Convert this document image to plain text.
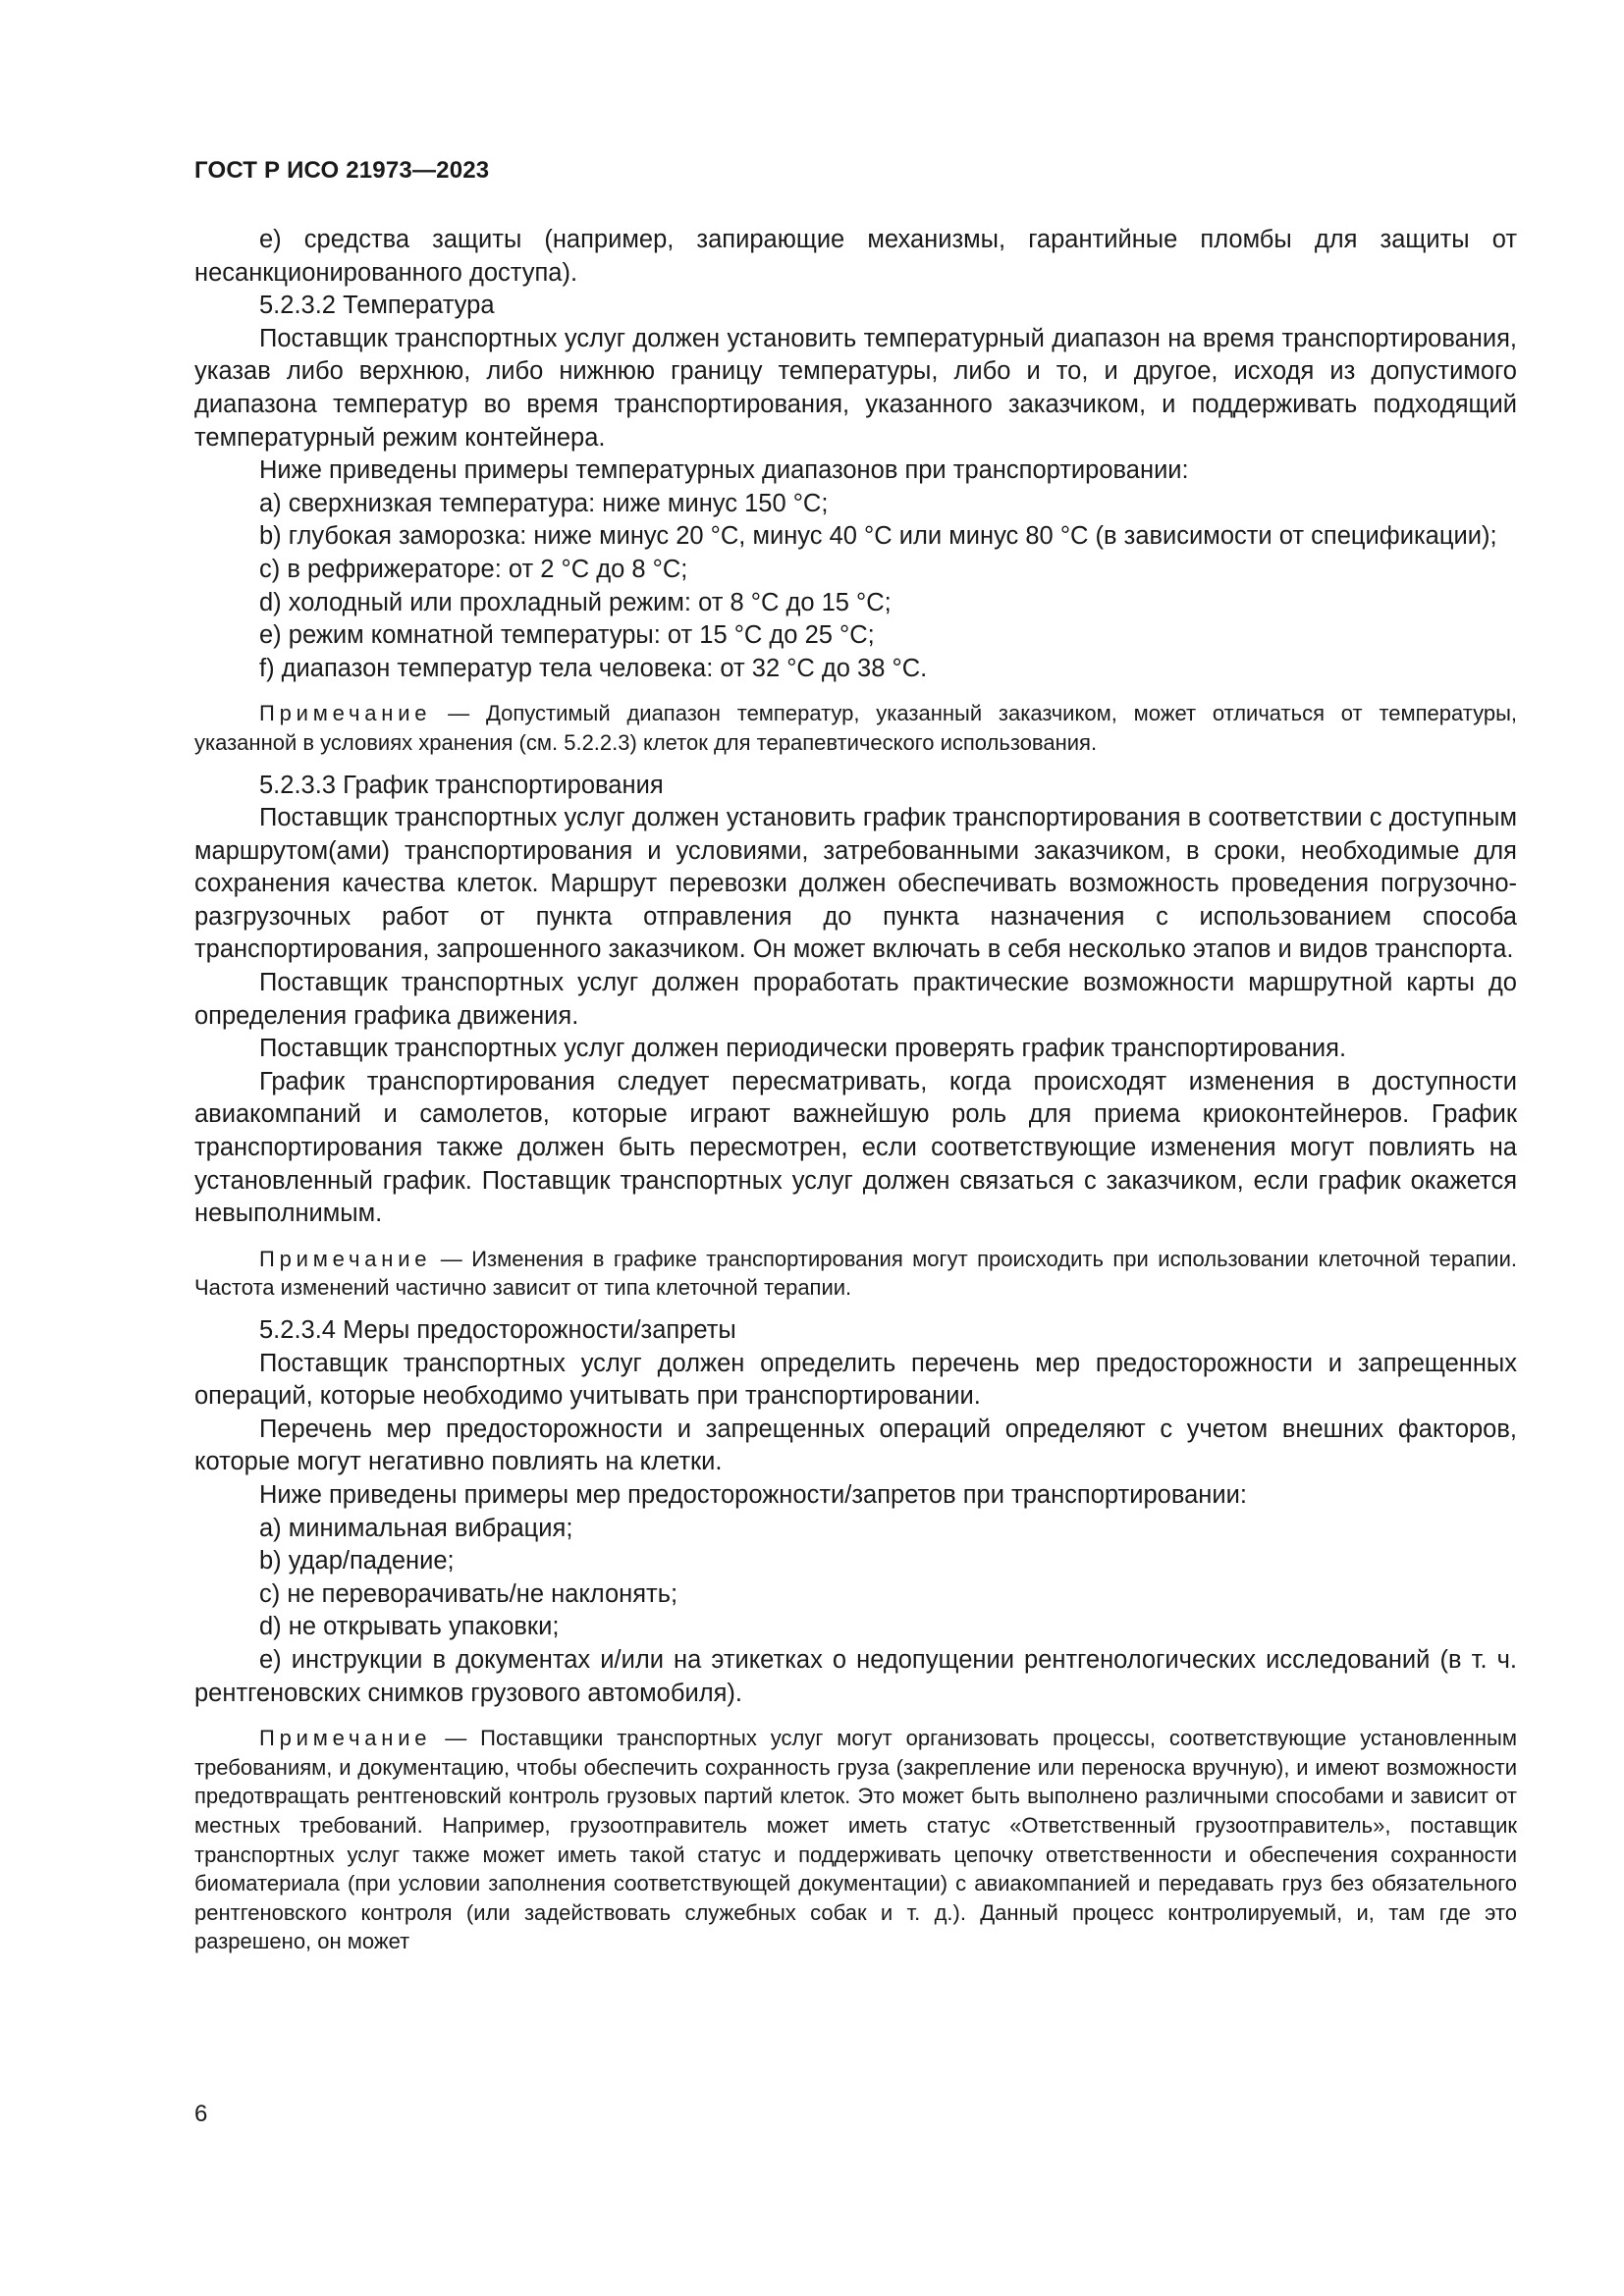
ГОСТ Р ИСО 21973—2023

е) средства защиты (например, запирающие механизмы, гарантийные пломбы для защиты от несанкционированного доступа).

5.2.3.2 Температура

Поставщик транспортных услуг должен установить температурный диапазон на время транспортирования, указав либо верхнюю, либо нижнюю границу температуры, либо и то, и другое, исходя из допустимого диапазона температур во время транспортирования, указанного заказчиком, и поддерживать подходящий температурный режим контейнера.

Ниже приведены примеры температурных диапазонов при транспортировании:

a) сверхнизкая температура: ниже минус 150 °С;

b) глубокая заморозка: ниже минус 20 °С, минус 40 °С или минус 80 °С (в зависимости от спецификации);

c) в рефрижераторе: от 2 °С до 8 °С;

d) холодный или прохладный режим: от 8 °С до 15 °С;

е) режим комнатной температуры: от 15 °С до 25 °С;

f) диапазон температур тела человека: от 32 °С до 38 °С.

Примечание — Допустимый диапазон температур, указанный заказчиком, может отличаться от температуры, указанной в условиях хранения (см. 5.2.2.3) клеток для терапевтического использования.

5.2.3.3 График транспортирования

Поставщик транспортных услуг должен установить график транспортирования в соответствии с доступным маршрутом(ами) транспортирования и условиями, затребованными заказчиком, в сроки, необходимые для сохранения качества клеток. Маршрут перевозки должен обеспечивать возможность проведения погрузочно-разгрузочных работ от пункта отправления до пункта назначения с использованием способа транспортирования, запрошенного заказчиком. Он может включать в себя несколько этапов и видов транспорта.

Поставщик транспортных услуг должен проработать практические возможности маршрутной карты до определения графика движения.

Поставщик транспортных услуг должен периодически проверять график транспортирования.

График транспортирования следует пересматривать, когда происходят изменения в доступности авиакомпаний и самолетов, которые играют важнейшую роль для приема криоконтейнеров. График транспортирования также должен быть пересмотрен, если соответствующие изменения могут повлиять на установленный график. Поставщик транспортных услуг должен связаться с заказчиком, если график окажется невыполнимым.

Примечание — Изменения в графике транспортирования могут происходить при использовании клеточной терапии. Частота изменений частично зависит от типа клеточной терапии.

5.2.3.4 Меры предосторожности/запреты

Поставщик транспортных услуг должен определить перечень мер предосторожности и запрещенных операций, которые необходимо учитывать при транспортировании.

Перечень мер предосторожности и запрещенных операций определяют с учетом внешних факторов, которые могут негативно повлиять на клетки.

Ниже приведены примеры мер предосторожности/запретов при транспортировании:

a) минимальная вибрация;

b) удар/падение;

c) не переворачивать/не наклонять;

d) не открывать упаковки;

е) инструкции в документах и/или на этикетках о недопущении рентгенологических исследований (в т. ч. рентгеновских снимков грузового автомобиля).

Примечание — Поставщики транспортных услуг могут организовать процессы, соответствующие установленным требованиям, и документацию, чтобы обеспечить сохранность груза (закрепление или переноска вручную), и имеют возможности предотвращать рентгеновский контроль грузовых партий клеток. Это может быть выполнено различными способами и зависит от местных требований. Например, грузоотправитель может иметь статус «Ответственный грузоотправитель», поставщик транспортных услуг также может иметь такой статус и поддерживать цепочку ответственности и обеспечения сохранности биоматериала (при условии заполнения соответствующей документации) с авиакомпанией и передавать груз без обязательного рентгеновского контроля (или задействовать служебных собак и т. д.). Данный процесс контролируемый, и, там где это разрешено, он может

6
